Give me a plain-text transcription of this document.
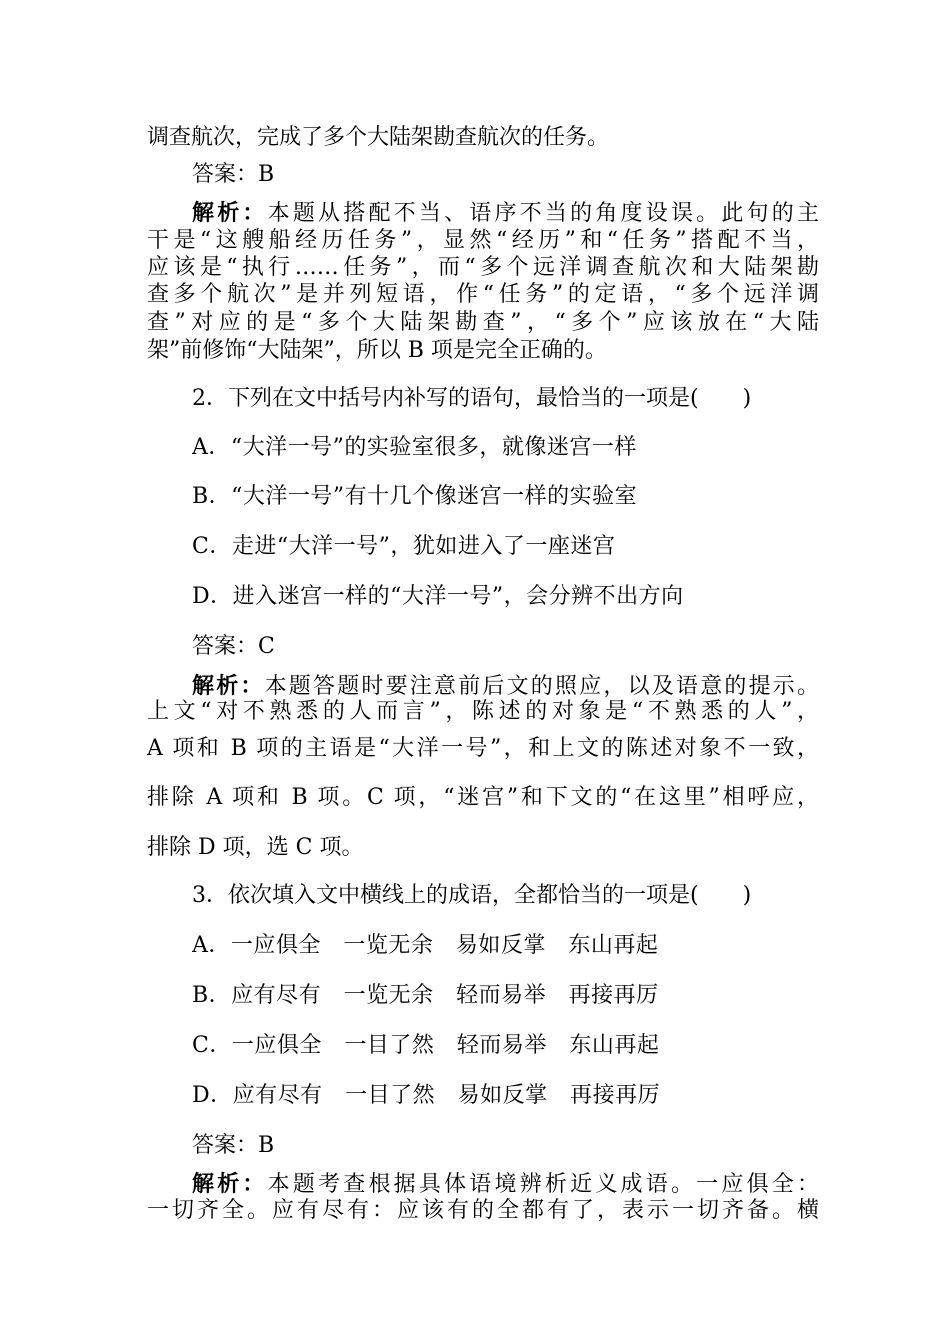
调查航次，完成了多个大陆架勘查航次的任务。
答案：B
解析：本题从搭配不当、语序不当的角度设误。此句的主
干是“这艘船经历任务”，显然“经历”和“任务”搭配不当，
应该是“执行……任务”，而“多个远洋调查航次和大陆架勘
查多个航次”是并列短语，作“任务”的定语，“多个远洋调
查”对应的是“多个大陆架勘查”，“多个”应该放在“大陆
架”前修饰“大陆架”，所以 B 项是完全正确的。
2．下列在文中括号内补写的语句，最恰当的一项是(　　)
A．“大洋一号”的实验室很多，就像迷宫一样
B．“大洋一号”有十几个像迷宫一样的实验室
C．走进“大洋一号”，犹如进入了一座迷宫
D．进入迷宫一样的“大洋一号”，会分辨不出方向
答案：C
解析：本题答题时要注意前后文的照应，以及语意的提示。
上文“对不熟悉的人而言”，陈述的对象是“不熟悉的人”，
A 项和 B 项的主语是“大洋一号”，和上文的陈述对象不一致，
排除 A 项和 B 项。C 项，“迷宫”和下文的“在这里”相呼应，
排除 D 项，选 C 项。
3．依次填入文中横线上的成语，全都恰当的一项是(　　)
A．一应俱全　一览无余　易如反掌　东山再起
B．应有尽有　一览无余　轻而易举　再接再厉
C．一应俱全　一目了然　轻而易举　东山再起
D．应有尽有　一目了然　易如反掌　再接再厉
答案：B
解析：本题考查根据具体语境辨析近义成语。一应俱全：
一切齐全。应有尽有：应该有的全都有了，表示一切齐备。横
